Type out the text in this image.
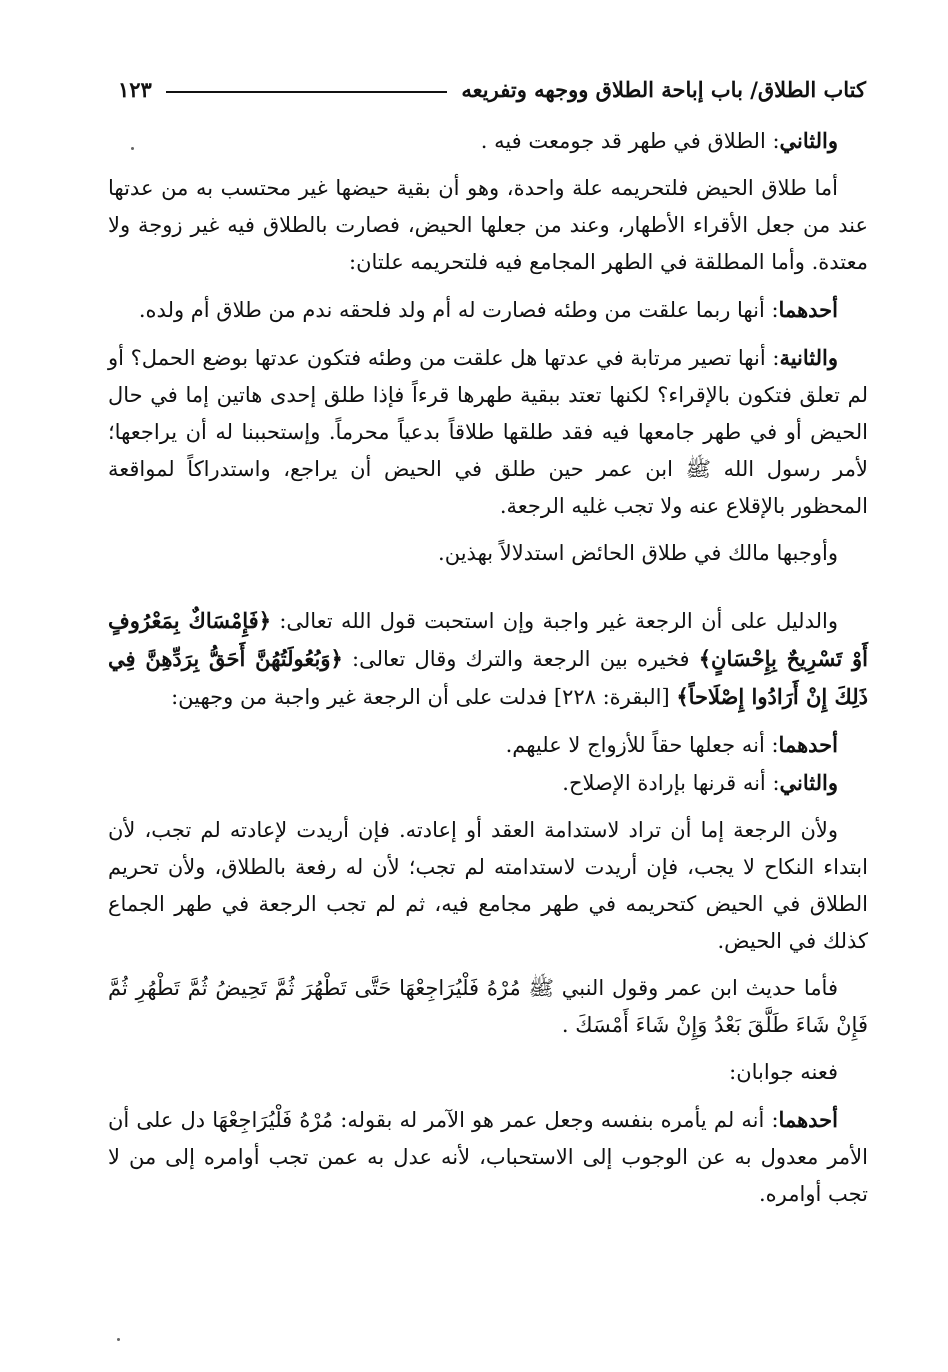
كتاب الطلاق/ باب إباحة الطلاق ووجهه وتفريعه
١٢٣

والثاني: الطلاق في طهر قد جومعت فيه .

أما طلاق الحيض فلتحريمه علة واحدة، وهو أن بقية حيضها غير محتسب به من عدتها عند من جعل الأقراء الأطهار، وعند من جعلها الحيض، فصارت بالطلاق فيه غير زوجة ولا معتدة. وأما المطلقة في الطهر المجامع فيه فلتحريمه علتان:

أحدهما: أنها ربما علقت من وطئه فصارت له أم ولد فلحقه ندم من طلاق أم ولده.

والثانية: أنها تصير مرتابة في عدتها هل علقت من وطئه فتكون عدتها بوضع الحمل؟ أو لم تعلق فتكون بالإقراء؟ لكنها تعتد ببقية طهرها قرءاً فإذا طلق إحدى هاتين إما في حال الحيض أو في طهر جامعها فيه فقد طلقها طلاقاً بدعياً محرماً. وإستحببنا له أن يراجعها؛ لأمر رسول الله ﷺ ابن عمر حين طلق في الحيض أن يراجع، واستدراكاً لمواقعة المحظور بالإقلاع عنه ولا تجب غليه الرجعة.

وأوجبها مالك في طلاق الحائض استدلالاً بهذين.

والدليل على أن الرجعة غير واجبة وإن استحبت قول الله تعالى: ﴿فَإِمْسَاكٌ بِمَعْرُوفٍ أَوْ تَسْرِيحٌ بِإِحْسَانٍ﴾ فخيره بين الرجعة والترك وقال تعالى: ﴿وَبُعُولَتُهُنَّ أَحَقُّ بِرَدِّهِنَّ فِي ذَلِكَ إِنْ أَرَادُوا إِصْلَاحاً﴾ [البقرة: ٢٢٨] فدلت على أن الرجعة غير واجبة من وجهين:

أحدهما: أنه جعلها حقاً للأزواج لا عليهم.

والثاني: أنه قرنها بإرادة الإصلاح.

ولأن الرجعة إما أن تراد لاستدامة العقد أو إعادته. فإن أريدت لإعادته لم تجب، لأن ابتداء النكاح لا يجب، فإن أريدت لاستدامته لم تجب؛ لأن له رفعة بالطلاق، ولأن تحريم الطلاق في الحيض كتحريمه في طهر مجامع فيه، ثم لم تجب الرجعة في طهر الجماع كذلك في الحيض.

فأما حديث ابن عمر وقول النبي ﷺ مُرْهُ فَلْيُرَاجِعْهَا حَتَّى تَطْهُرَ ثُمَّ تَحِيضُ ثُمَّ تَطْهُرِ ثُمَّ فَإِنْ شَاءَ طَلَّقَ بَعْدُ وَإِنْ شَاءَ أَمْسَكَ .

فعنه جوابان:

أحدهما: أنه لم يأمره بنفسه وجعل عمر هو الآمر له بقوله: مُرْهُ فَلْيُرَاجِعْهَا دل على أن الأمر معدول به عن الوجوب إلى الاستحباب، لأنه عدل به عمن تجب أوامره إلى من لا تجب أوامره.
